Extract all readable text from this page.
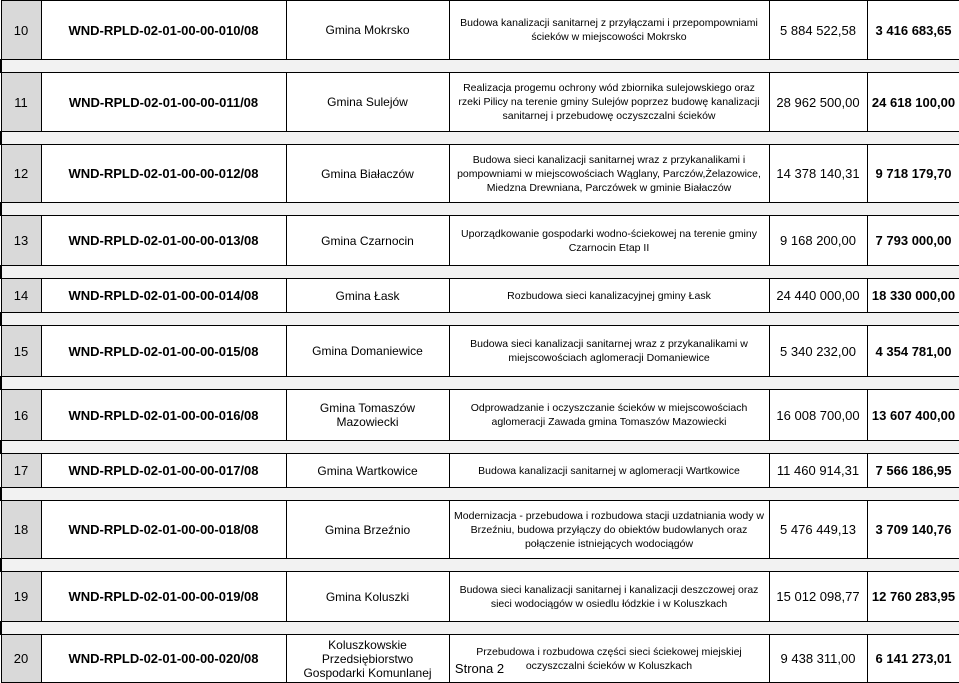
10	WND-RPLD-02-01-00-00-010/08	Gmina Mokrsko	Budowa kanalizacji sanitarnej z przyłączami i przepompowniami ścieków w miejscowości Mokrsko	5 884 522,58	3 416 683,65

11	WND-RPLD-02-01-00-00-011/08	Gmina Sulejów	Realizacja progemu ochrony wód zbiornika sulejowskiego oraz rzeki Pilicy na terenie gminy Sulejów poprzez budowę kanalizacji sanitarnej i przebudowę oczyszczalni ścieków	28 962 500,00	24 618 100,00

12	WND-RPLD-02-01-00-00-012/08	Gmina Białaczów	Budowa sieci kanalizacji sanitarnej wraz z przykanalikami i pompowniami w miejscowościach Wąglany, Parczów,Żelazowice, Miedzna Drewniana, Parczówek w gminie Białaczów	14 378 140,31	9 718 179,70

13	WND-RPLD-02-01-00-00-013/08	Gmina Czarnocin	Uporządkowanie gospodarki wodno-ściekowej na terenie gminy Czarnocin Etap II	9 168 200,00	7 793 000,00

14	WND-RPLD-02-01-00-00-014/08	Gmina Łask	Rozbudowa sieci kanalizacyjnej gminy Łask	24 440 000,00	18 330 000,00

15	WND-RPLD-02-01-00-00-015/08	Gmina Domaniewice	Budowa sieci kanalizacji sanitarnej wraz z przykanalikami w miejscowościach aglomeracji Domaniewice	5 340 232,00	4 354 781,00

16	WND-RPLD-02-01-00-00-016/08	Gmina Tomaszów Mazowiecki	Odprowadzanie i oczyszczanie ścieków w miejscowościach aglomeracji Zawada gmina Tomaszów Mazowiecki	16 008 700,00	13 607 400,00

17	WND-RPLD-02-01-00-00-017/08	Gmina Wartkowice	Budowa kanalizacji sanitarnej w aglomeracji Wartkowice	11 460 914,31	7 566 186,95

18	WND-RPLD-02-01-00-00-018/08	Gmina Brzeźnio	Modernizacja - przebudowa i rozbudowa stacji uzdatniania wody w Brzeźniu, budowa przyłączy do obiektów budowlanych oraz połączenie istniejących wodociągów	5 476 449,13	3 709 140,76

19	WND-RPLD-02-01-00-00-019/08	Gmina Koluszki	Budowa sieci kanalizacji sanitarnej i kanalizacji deszczowej oraz sieci wodociągów w osiedlu łódzkie i w Koluszkach	15 012 098,77	12 760 283,95

20	WND-RPLD-02-01-00-00-020/08	Koluszkowskie Przedsiębiorstwo Gospodarki Komunlanej	Przebudowa i rozbudowa części sieci ściekowej miejskiej oczyszczalni ścieków w Koluszkach	9 438 311,00	6 141 273,01
Strona 2
